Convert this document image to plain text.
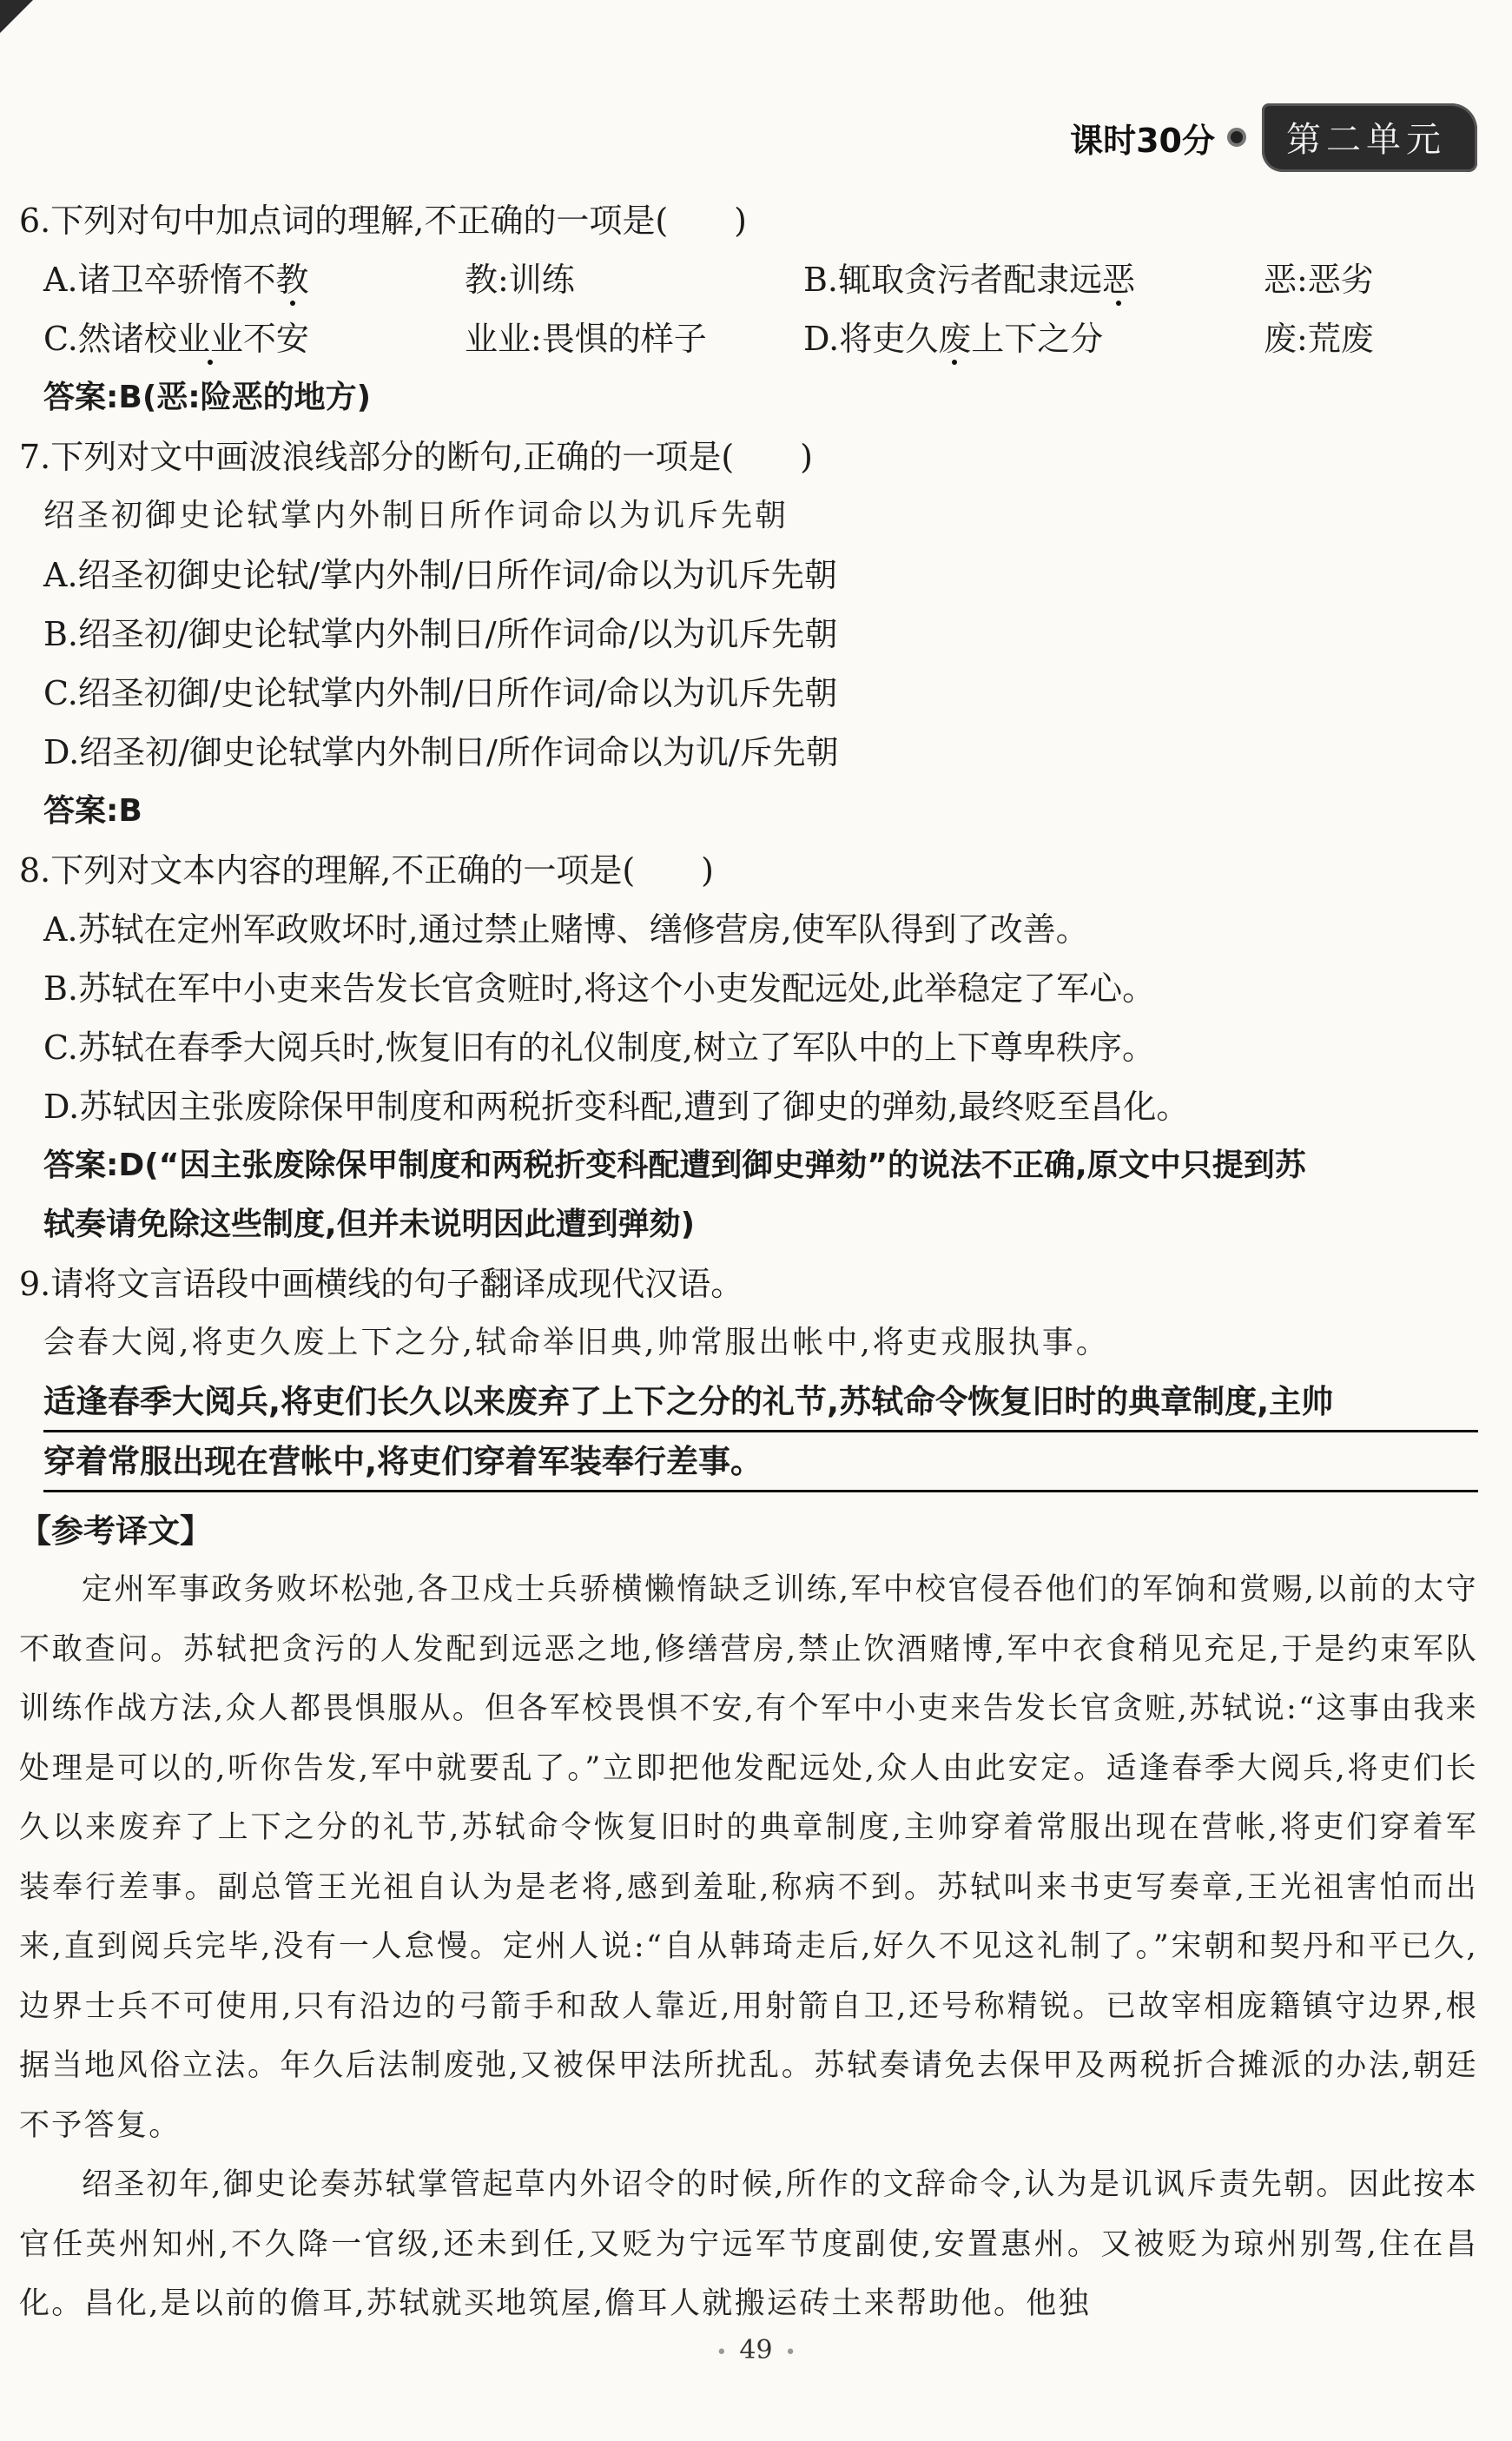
课时30分	第二单元
6.下列对句中加点词的理解,不正确的一项是(　　)
A.诸卫卒骄惰不教	教:训练	B.辄取贪污者配隶远恶	恶:恶劣
C.然诸校业业不安	业业:畏惧的样子	D.将吏久废上下之分	废:荒废
答案:B(恶:险恶的地方)
7.下列对文中画波浪线部分的断句,正确的一项是(　　)
绍圣初御史论轼掌内外制日所作词命以为讥斥先朝
A.绍圣初御史论轼/掌内外制/日所作词/命以为讥斥先朝
B.绍圣初/御史论轼掌内外制日/所作词命/以为讥斥先朝
C.绍圣初御/史论轼掌内外制/日所作词/命以为讥斥先朝
D.绍圣初/御史论轼掌内外制日/所作词命以为讥/斥先朝
答案:B
8.下列对文本内容的理解,不正确的一项是(　　)
A.苏轼在定州军政败坏时,通过禁止赌博、缮修营房,使军队得到了改善。
B.苏轼在军中小吏来告发长官贪赃时,将这个小吏发配远处,此举稳定了军心。
C.苏轼在春季大阅兵时,恢复旧有的礼仪制度,树立了军队中的上下尊卑秩序。
D.苏轼因主张废除保甲制度和两税折变科配,遭到了御史的弹劾,最终贬至昌化。
答案:D(“因主张废除保甲制度和两税折变科配遭到御史弹劾”的说法不正确,原文中只提到苏
轼奏请免除这些制度,但并未说明因此遭到弹劾)
9.请将文言语段中画横线的句子翻译成现代汉语。
会春大阅,将吏久废上下之分,轼命举旧典,帅常服出帐中,将吏戎服执事。
适逢春季大阅兵,将吏们长久以来废弃了上下之分的礼节,苏轼命令恢复旧时的典章制度,主帅
穿着常服出现在营帐中,将吏们穿着军装奉行差事。
【参考译文】

定州军事政务败坏松弛,各卫戍士兵骄横懒惰缺乏训练,军中校官侵吞他们的军饷和赏赐,以前的太守不敢查问。苏轼把贪污的人发配到远恶之地,修缮营房,禁止饮酒赌博,军中衣食稍见充足,于是约束军队训练作战方法,众人都畏惧服从。但各军校畏惧不安,有个军中小吏来告发长官贪赃,苏轼说:“这事由我来处理是可以的,听你告发,军中就要乱了。”立即把他发配远处,众人由此安定。适逢春季大阅兵,将吏们长久以来废弃了上下之分的礼节,苏轼命令恢复旧时的典章制度,主帅穿着常服出现在营帐,将吏们穿着军装奉行差事。副总管王光祖自认为是老将,感到羞耻,称病不到。苏轼叫来书吏写奏章,王光祖害怕而出来,直到阅兵完毕,没有一人怠慢。定州人说:“自从韩琦走后,好久不见这礼制了。”宋朝和契丹和平已久,边界士兵不可使用,只有沿边的弓箭手和敌人靠近,用射箭自卫,还号称精锐。已故宰相庞籍镇守边界,根据当地风俗立法。年久后法制废弛,又被保甲法所扰乱。苏轼奏请免去保甲及两税折合摊派的办法,朝廷不予答复。

绍圣初年,御史论奏苏轼掌管起草内外诏令的时候,所作的文辞命令,认为是讥讽斥责先朝。因此按本官任英州知州,不久降一官级,还未到任,又贬为宁远军节度副使,安置惠州。又被贬为琼州别驾,住在昌化。昌化,是以前的儋耳,苏轼就买地筑屋,儋耳人就搬运砖土来帮助他。他独

• 49 •
